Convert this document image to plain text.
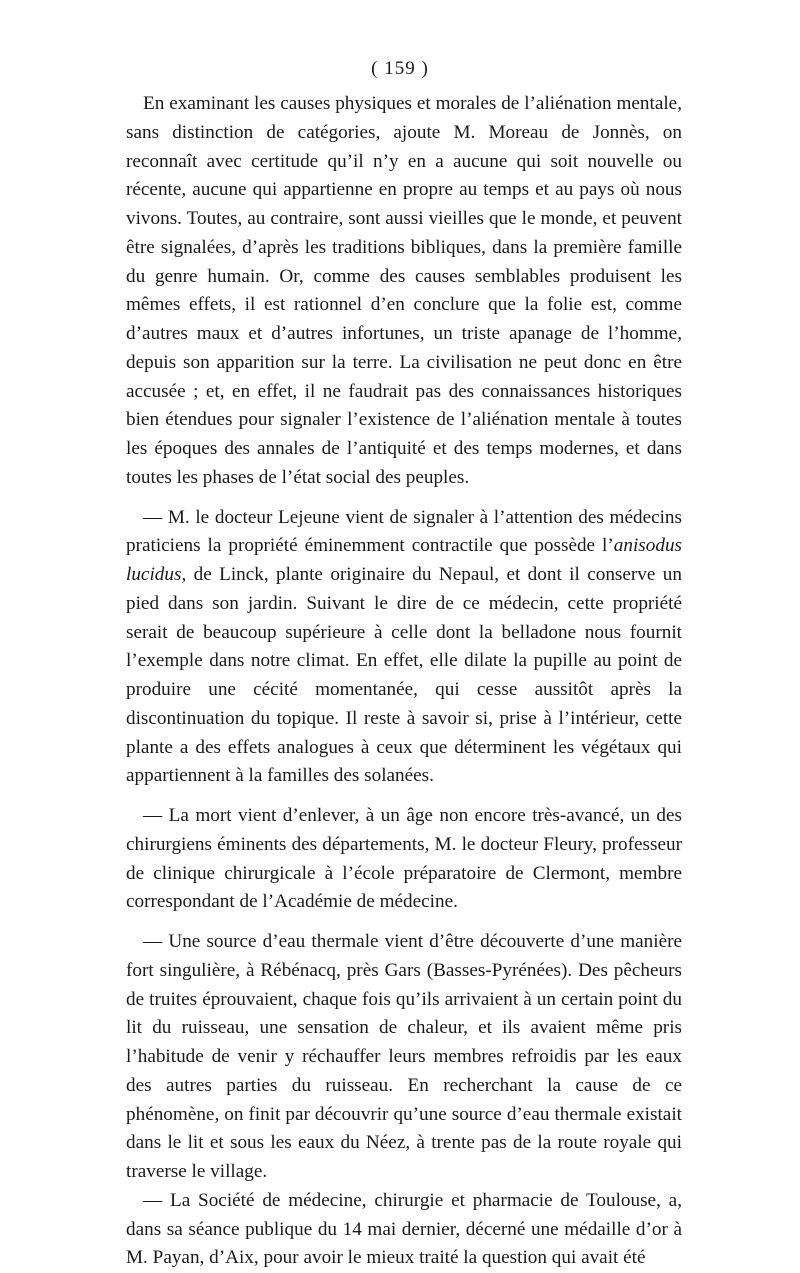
( 159 )

En examinant les causes physiques et morales de l’aliénation mentale, sans distinction de catégories, ajoute M. Moreau de Jonnès, on reconnaît avec certitude qu’il n’y en a aucune qui soit nouvelle ou récente, aucune qui appartienne en propre au temps et au pays où nous vivons. Toutes, au contraire, sont aussi vieilles que le monde, et peuvent être signalées, d’après les traditions bibliques, dans la première famille du genre humain. Or, comme des causes semblables produisent les mêmes effets, il est rationnel d’en conclure que la folie est, comme d’autres maux et d’autres infortunes, un triste apanage de l’homme, depuis son apparition sur la terre. La civilisation ne peut donc en être accusée ; et, en effet, il ne faudrait pas des connaissances historiques bien étendues pour signaler l’existence de l’aliénation mentale à toutes les époques des annales de l’antiquité et des temps modernes, et dans toutes les phases de l’état social des peuples.

— M. le docteur Lejeune vient de signaler à l’attention des médecins praticiens la propriété éminemment contractile que possède l’anisodus lucidus, de Linck, plante originaire du Nepaul, et dont il conserve un pied dans son jardin. Suivant le dire de ce médecin, cette propriété serait de beaucoup supérieure à celle dont la belladone nous fournit l’exemple dans notre climat. En effet, elle dilate la pupille au point de produire une cécité momentanée, qui cesse aussitôt après la discontinuation du topique. Il reste à savoir si, prise à l’intérieur, cette plante a des effets analogues à ceux que déterminent les végétaux qui appartiennent à la familles des solanées.

— La mort vient d’enlever, à un âge non encore très-avancé, un des chirurgiens éminents des départements, M. le docteur Fleury, professeur de clinique chirurgicale à l’école préparatoire de Clermont, membre correspondant de l’Académie de médecine.

— Une source d’eau thermale vient d’être découverte d’une manière fort singulière, à Rébénacq, près Gars (Basses-Pyrénées). Des pêcheurs de truites éprouvaient, chaque fois qu’ils arrivaient à un certain point du lit du ruisseau, une sensation de chaleur, et ils avaient même pris l’habitude de venir y réchauffer leurs membres refroidis par les eaux des autres parties du ruisseau. En recherchant la cause de ce phénomène, on finit par découvrir qu’une source d’eau thermale existait dans le lit et sous les eaux du Néez, à trente pas de la route royale qui traverse le village.

— La Société de médecine, chirurgie et pharmacie de Toulouse, a, dans sa séance publique du 14 mai dernier, décerné une médaille d’or à M. Payan, d’Aix, pour avoir le mieux traité la question qui avait été
